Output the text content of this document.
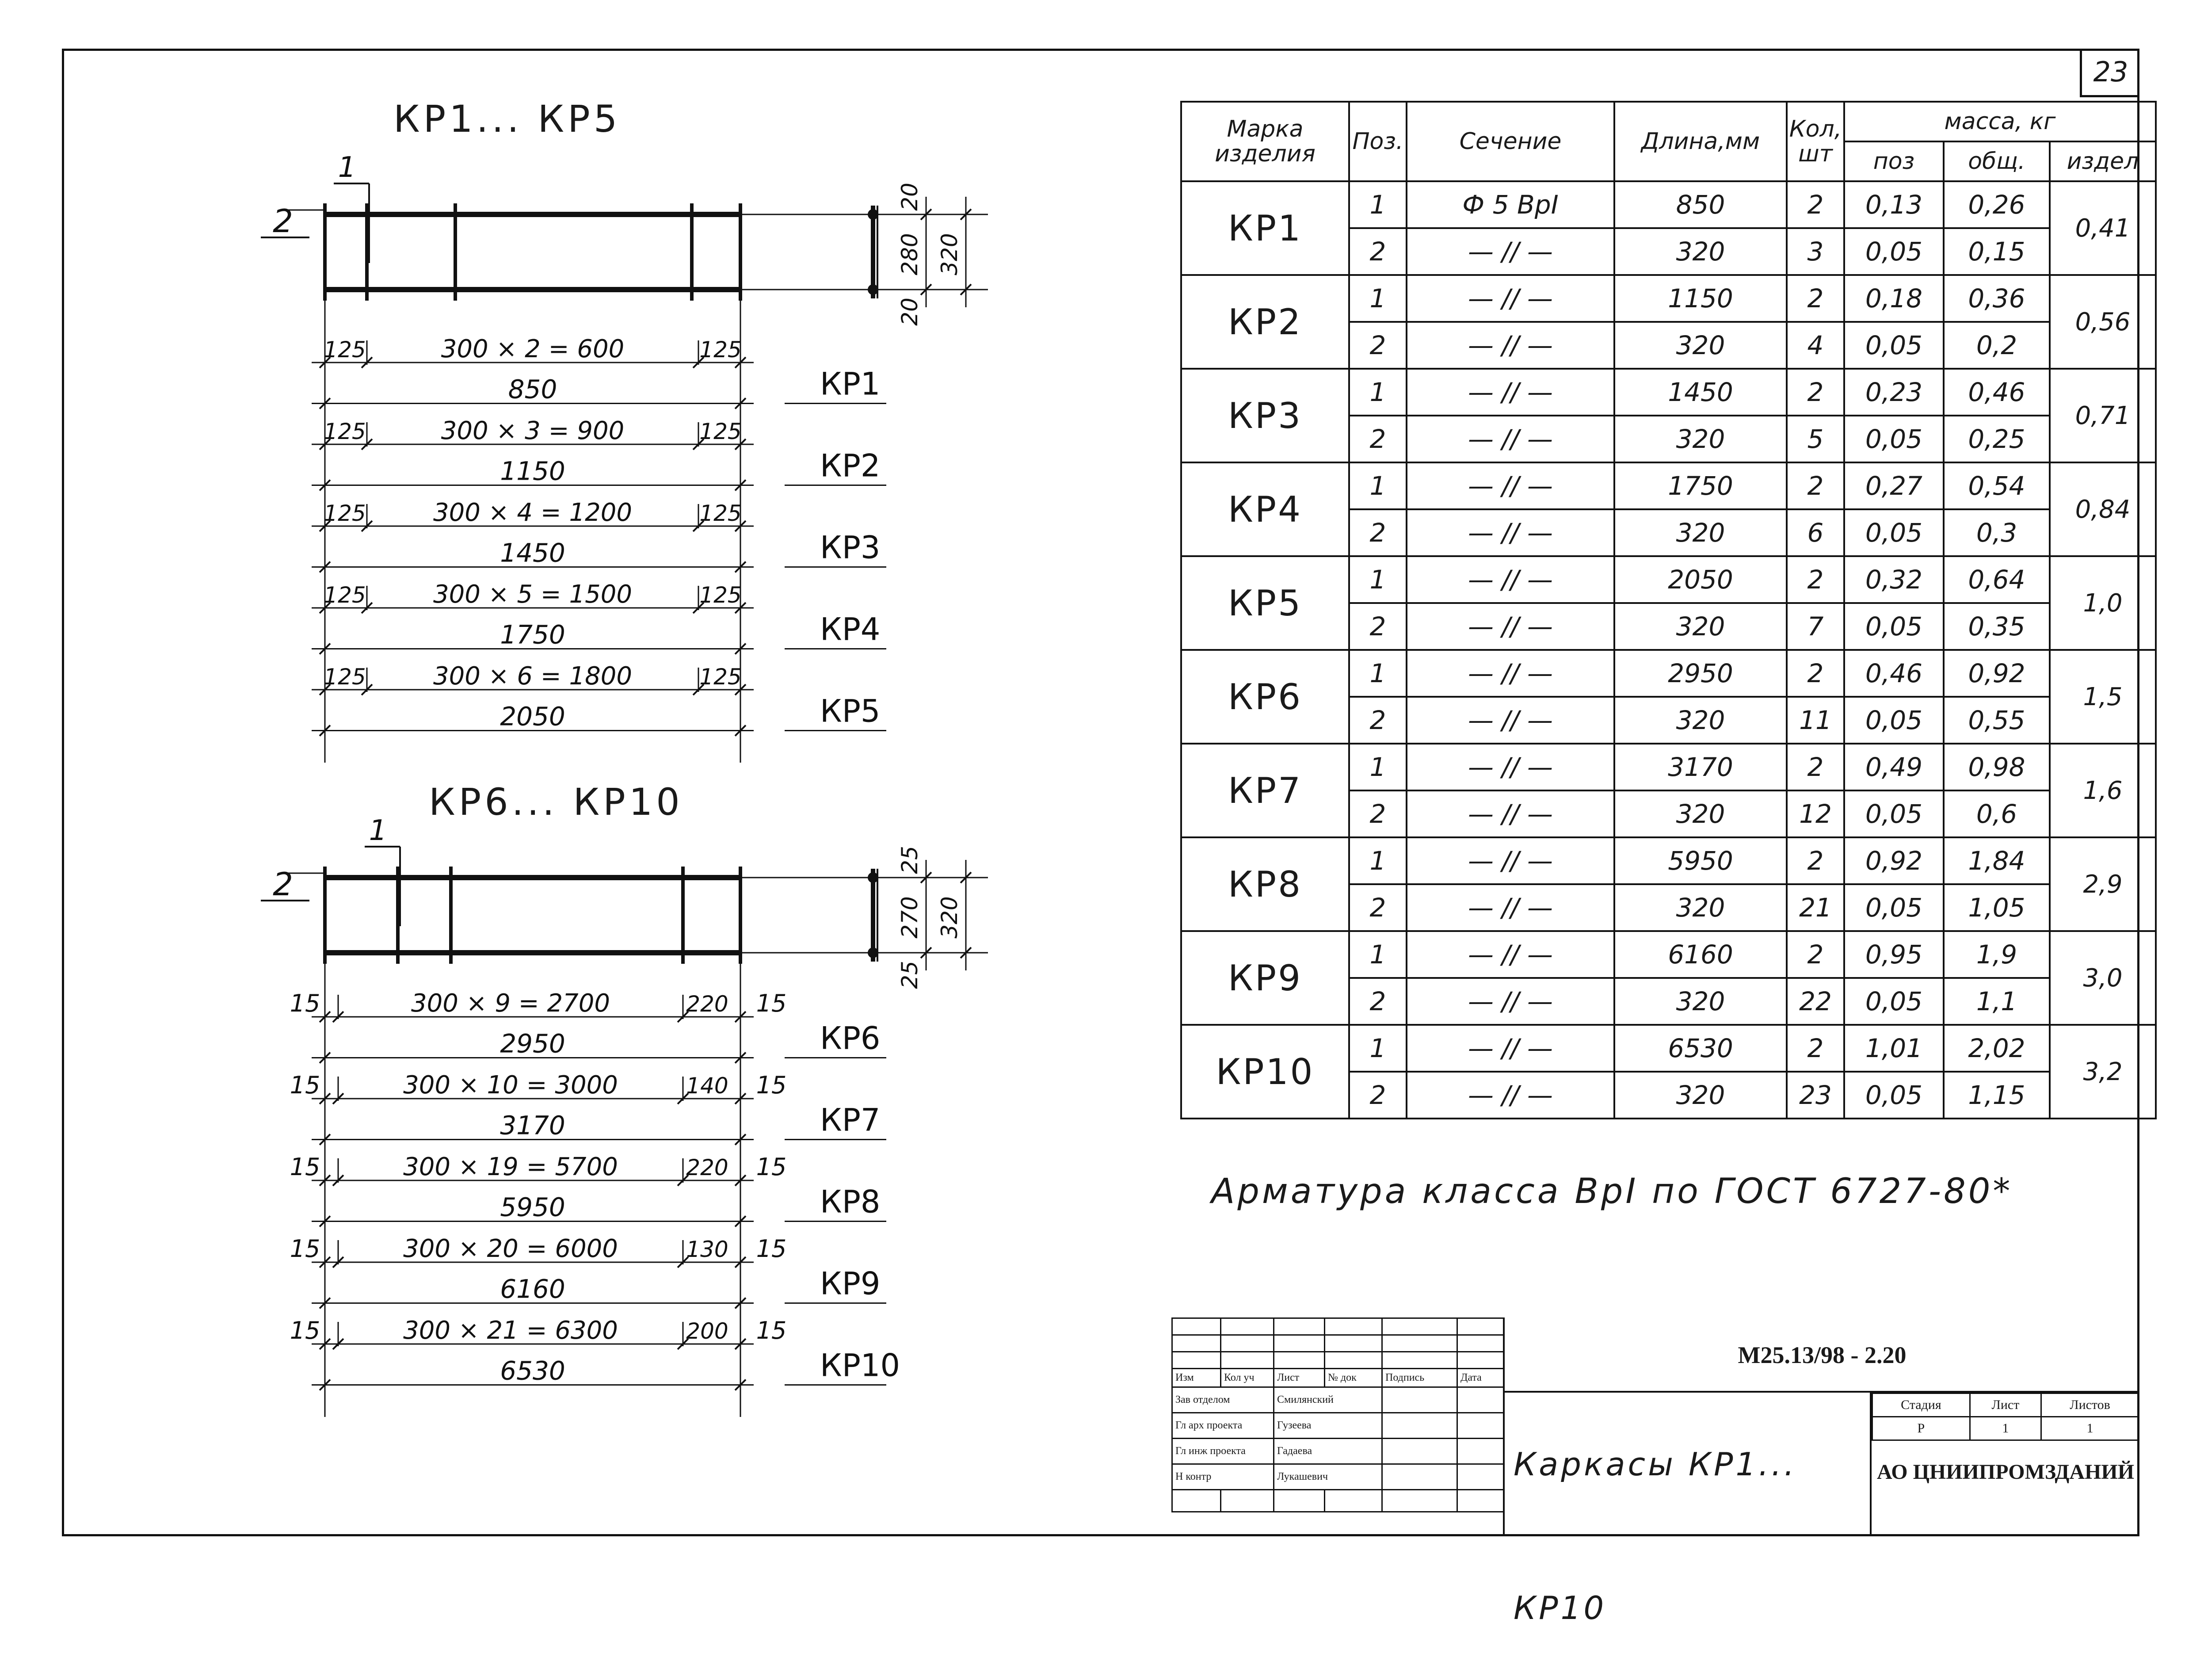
23
КР1... КР5
КР6... КР10
1
2
20
280 320
20
125	300 × 2 = 600	125
850	КР1
125	300 × 3 = 900	125
1150	КР2
125	300 × 4 = 1200	125
1450	КР3
125	300 × 5 = 1500	125
1750	КР4
125	300 × 6 = 1800	125
2050	КР5
1
2
25
270 320
25
15	300 × 9 = 2700	220 15
2950	КР6
15	300 × 10 = 3000	140 15
3170	КР7
15	300 × 19 = 5700	220 15
5950	КР8
15	300 × 20 = 6000	130 15
6160	КР9
15	300 × 21 = 6300	200 15
6530	КР10
Марка изделия	Поз.	Сечение	Длина,мм	Кол, шт	масса, кг		
					поз	общ.	издел
КР1	1	Ф 5 ВрI	850	2	0,13	0,26	0,41
	2	— // —	320	3	0,05	0,15	
КР2	1	— // —	1150	2	0,18	0,36	0,56
	2	— // —	320	4	0,05	0,2	
КР3	1	— // —	1450	2	0,23	0,46	0,71
	2	— // —	320	5	0,05	0,25	
КР4	1	— // —	1750	2	0,27	0,54	0,84
	2	— // —	320	6	0,05	0,3	
КР5	1	— // —	2050	2	0,32	0,64	1,0
	2	— // —	320	7	0,05	0,35	
КР6	1	— // —	2950	2	0,46	0,92	1,5
	2	— // —	320	11	0,05	0,55	
КР7	1	— // —	3170	2	0,49	0,98	1,6
	2	— // —	320	12	0,05	0,6	
КР8	1	— // —	5950	2	0,92	1,84	2,9
	2	— // —	320	21	0,05	1,05	
КР9	1	— // —	6160	2	0,95	1,9	3,0
	2	— // —	320	22	0,05	1,1	
КР10	1	— // —	6530	2	1,01	2,02	3,2
	2	— // —	320	23	0,05	1,15	
Арматура класса ВрI по ГОСТ 6727-80*

Изм	Кол уч	Лист	№ док	Подпись	Дата
Зав отделом		Смилянский			
Гл арх проекта		Гузеева			
Гл инж проекта		Гадаева			
Н контр		Лукашевич			

М25.13/98 - 2.20
Каркасы КР1... КР10
Стадия	Лист	Листов
Р	1	1
АО ЦНИИПРОМЗДАНИЙ
